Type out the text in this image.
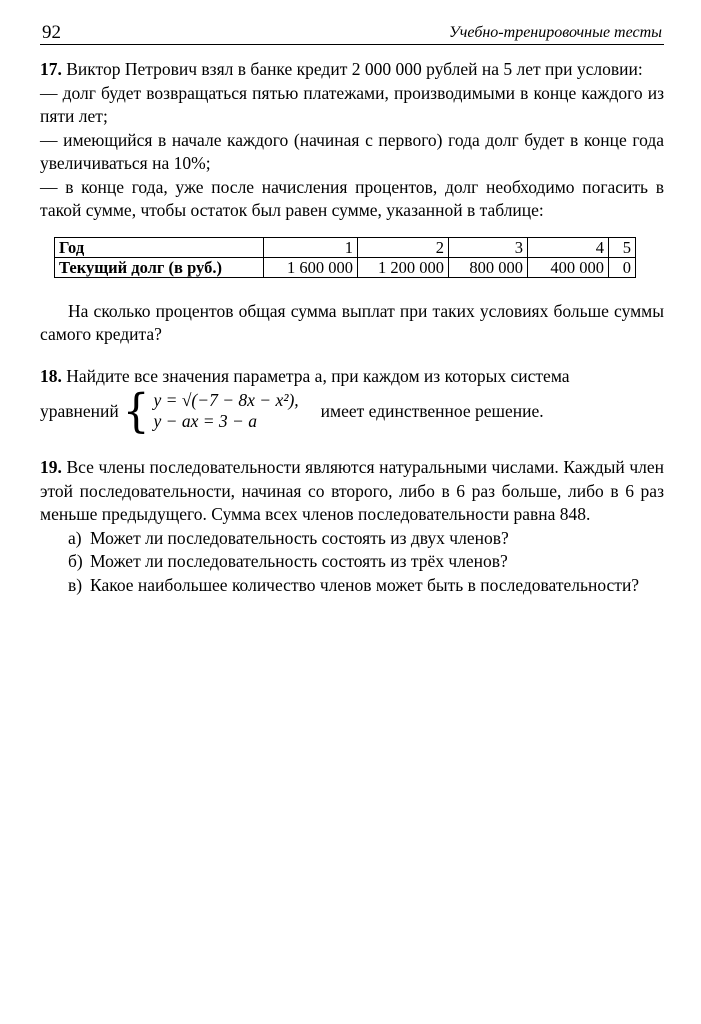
92	Учебно-тренировочные тесты

17. Виктор Петрович взял в банке кредит 2 000 000 рублей на 5 лет при условии:

— долг будет возвращаться пятью платежами, производимыми в конце каждого из пяти лет;

— имеющийся в начале каждого (начиная с первого) года долг будет в конце года увеличиваться на 10%;

— в конце года, уже после начисления процентов, долг необходимо погасить в такой сумме, чтобы остаток был равен сумме, указанной в таблице:

Год	1	2	3	4	5
Текущий долг (в руб.)	1 600 000	1 200 000	800 000	400 000	0

На сколько процентов общая сумма выплат при таких условиях больше суммы самого кредита?

18. Найдите все значения параметра a, при каждом из которых система

уравнений { y = √(−7 − 8x − x²),
y − ax = 3 − a
имеет единственное решение.

19. Все члены последовательности являются натуральными числами. Каждый член этой последовательности, начиная со второго, либо в 6 раз больше, либо в 6 раз меньше предыдущего. Сумма всех членов последовательности равна 848.

а) Может ли последовательность состоять из двух членов?

б) Может ли последовательность состоять из трёх членов?

в) Какое наибольшее количество членов может быть в последовательности?
